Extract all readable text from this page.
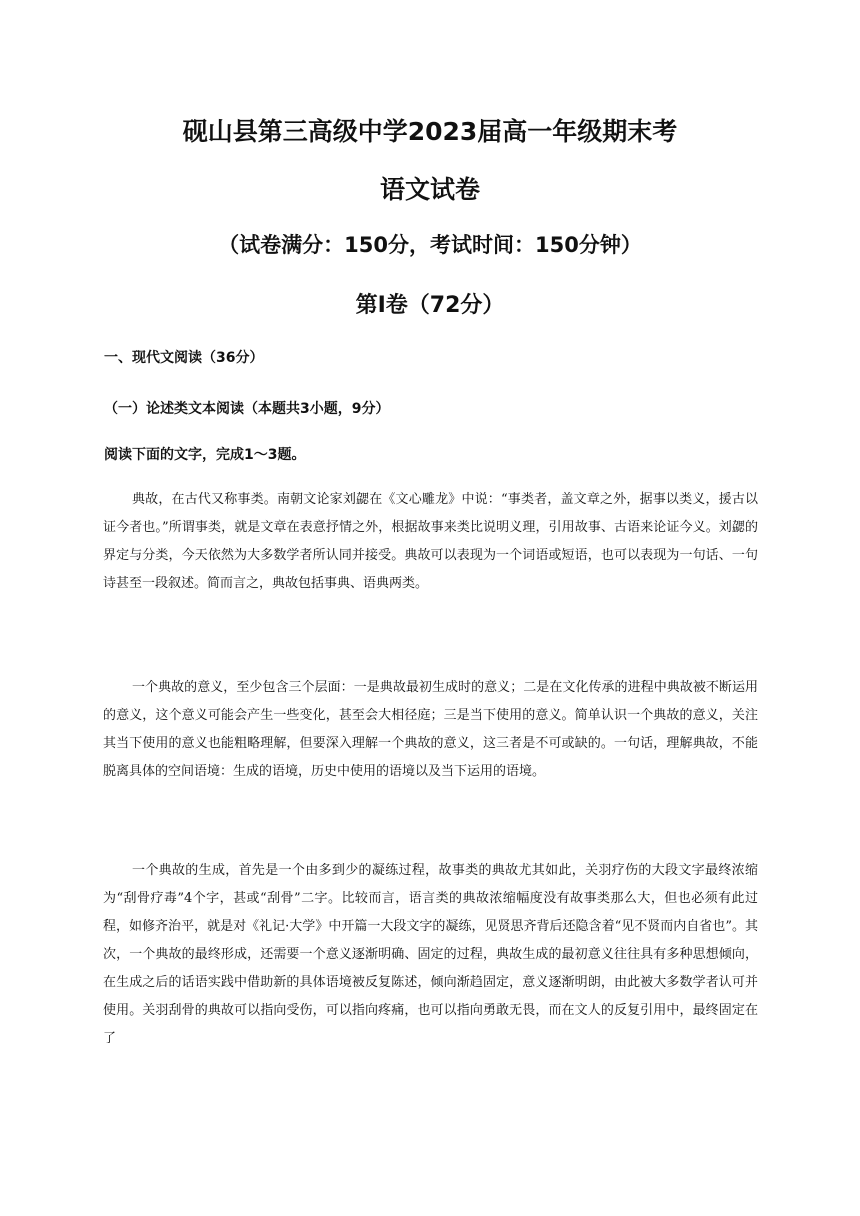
砚山县第三高级中学2023届高一年级期末考
语文试卷
（试卷满分：150分，考试时间：150分钟）
第Ⅰ卷（72分）
一、现代文阅读（36分）
（一）论述类文本阅读（本题共3小题，9分）
阅读下面的文字，完成1～3题。

典故，在古代又称事类。南朝文论家刘勰在《文心雕龙》中说：“事类者，盖文章之外，据事以类义，援古以证今者也。”所谓事类，就是文章在表意抒情之外，根据故事来类比说明义理，引用故事、古语来论证今义。刘勰的界定与分类，今天依然为大多数学者所认同并接受。典故可以表现为一个词语或短语，也可以表现为一句话、一句诗甚至一段叙述。简而言之，典故包括事典、语典两类。

一个典故的意义，至少包含三个层面：一是典故最初生成时的意义；二是在文化传承的进程中典故被不断运用的意义，这个意义可能会产生一些变化，甚至会大相径庭；三是当下使用的意义。简单认识一个典故的意义，关注其当下使用的意义也能粗略理解，但要深入理解一个典故的意义，这三者是不可或缺的。一句话，理解典故，不能脱离具体的空间语境：生成的语境，历史中使用的语境以及当下运用的语境。

一个典故的生成，首先是一个由多到少的凝练过程，故事类的典故尤其如此，关羽疗伤的大段文字最终浓缩为“刮骨疗毒”4个字，甚或“刮骨”二字。比较而言，语言类的典故浓缩幅度没有故事类那么大，但也必须有此过程，如修齐治平，就是对《礼记·大学》中开篇一大段文字的凝练，见贤思齐背后还隐含着“见不贤而内自省也”。其次，一个典故的最终形成，还需要一个意义逐渐明确、固定的过程，典故生成的最初意义往往具有多种思想倾向，在生成之后的话语实践中借助新的具体语境被反复陈述，倾向渐趋固定，意义逐渐明朗，由此被大多数学者认可并使用。关羽刮骨的典故可以指向受伤，可以指向疼痛，也可以指向勇敢无畏，而在文人的反复引用中，最终固定在了
